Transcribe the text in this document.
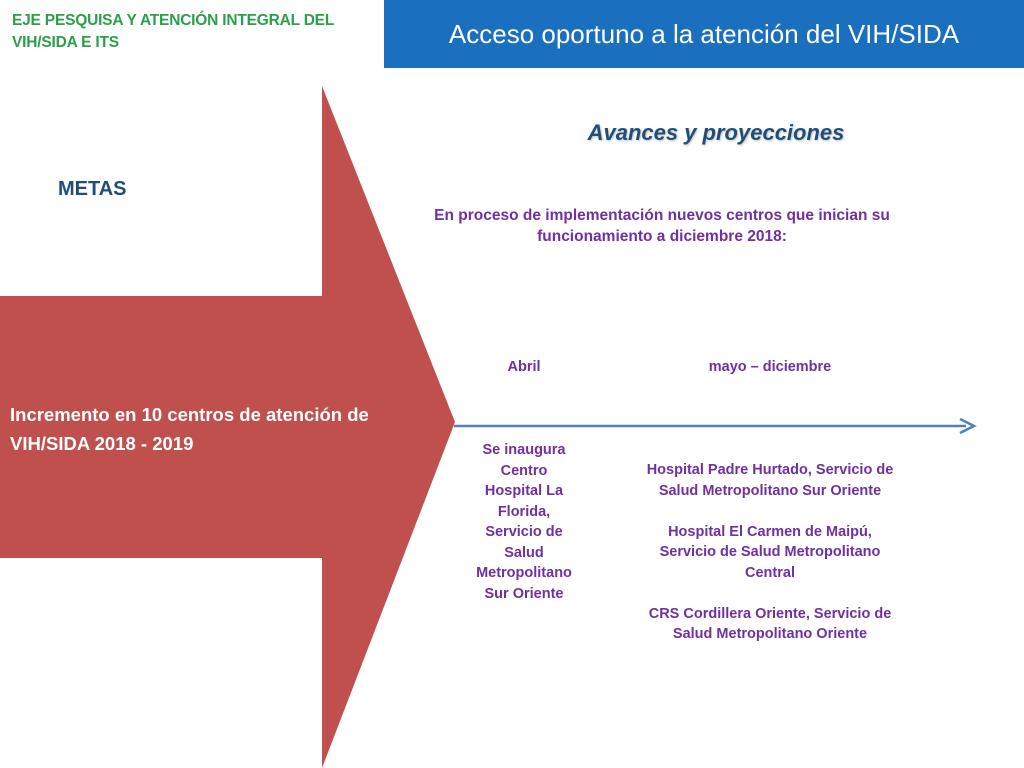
EJE PESQUISA Y ATENCIÓN INTEGRAL DEL VIH/SIDA E ITS	Acceso oportuno a la atención del VIH/SIDA
METAS
Incremento en 10 centros de atención de VIH/SIDA 2018 - 2019
Avances y proyecciones
En proceso de implementación nuevos centros que inician su funcionamiento a diciembre 2018:
Abril	mayo – diciembre
Se inaugura Centro Hospital La Florida, Servicio de Salud Metropolitano Sur Oriente

Hospital Padre Hurtado, Servicio de Salud Metropolitano Sur Oriente

Hospital El Carmen de Maipú, Servicio de Salud Metropolitano Central

CRS Cordillera Oriente, Servicio de Salud Metropolitano Oriente
